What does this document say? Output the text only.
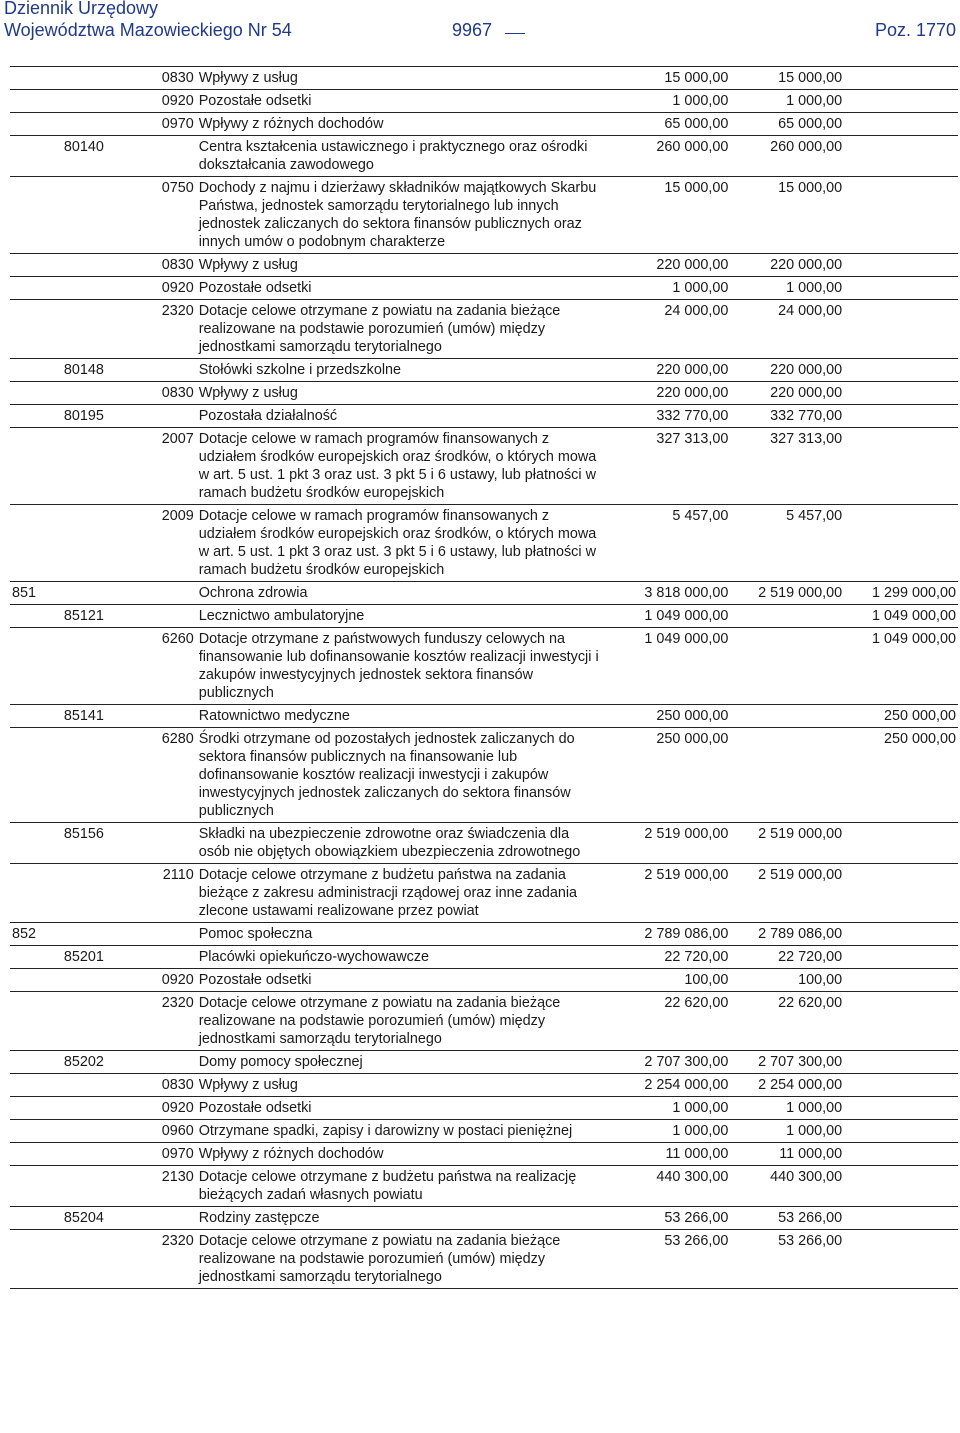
Dziennik Urzędowy
Województwa Mazowieckiego Nr 54	9967	Poz. 1770
		0830	Wpływy z usług	15 000,00	15 000,00	
		0920	Pozostałe odsetki	1 000,00	1 000,00	
		0970	Wpływy z różnych dochodów	65 000,00	65 000,00	
	80140		Centra kształcenia ustawicznego i praktycznego oraz ośrodki dokształcania zawodowego	260 000,00	260 000,00	
		0750	Dochody z najmu i dzierżawy składników majątkowych Skarbu Państwa, jednostek samorządu terytorialnego lub innych jednostek zaliczanych do sektora finansów publicznych oraz innych umów o podobnym charakterze	15 000,00	15 000,00	
		0830	Wpływy z usług	220 000,00	220 000,00	
		0920	Pozostałe odsetki	1 000,00	1 000,00	
		2320	Dotacje celowe otrzymane z powiatu na zadania bieżące realizowane na podstawie porozumień (umów) między jednostkami samorządu terytorialnego	24 000,00	24 000,00	
	80148		Stołówki szkolne i przedszkolne	220 000,00	220 000,00	
		0830	Wpływy z usług	220 000,00	220 000,00	
	80195		Pozostała działalność	332 770,00	332 770,00	
		2007	Dotacje celowe w ramach programów finansowanych z udziałem środków europejskich oraz środków, o których mowa w art. 5 ust. 1 pkt 3 oraz ust. 3 pkt 5 i 6 ustawy, lub płatności w ramach budżetu środków europejskich	327 313,00	327 313,00	
		2009	Dotacje celowe w ramach programów finansowanych z udziałem środków europejskich oraz środków, o których mowa w art. 5 ust. 1 pkt 3 oraz ust. 3 pkt 5 i 6 ustawy, lub płatności w ramach budżetu środków europejskich	5 457,00	5 457,00	
851			Ochrona zdrowia	3 818 000,00	2 519 000,00	1 299 000,00
	85121		Lecznictwo ambulatoryjne	1 049 000,00		1 049 000,00
		6260	Dotacje otrzymane z państwowych funduszy celowych na finansowanie lub dofinansowanie kosztów realizacji inwestycji i zakupów inwestycyjnych jednostek sektora finansów publicznych	1 049 000,00		1 049 000,00
	85141		Ratownictwo medyczne	250 000,00		250 000,00
		6280	Środki otrzymane od pozostałych jednostek zaliczanych do sektora finansów publicznych na finansowanie lub dofinansowanie kosztów realizacji inwestycji i zakupów inwestycyjnych jednostek zaliczanych do sektora finansów publicznych	250 000,00		250 000,00
	85156		Składki na ubezpieczenie zdrowotne oraz świadczenia dla osób nie objętych obowiązkiem ubezpieczenia zdrowotnego	2 519 000,00	2 519 000,00	
		2110	Dotacje celowe otrzymane z budżetu państwa na zadania bieżące z zakresu administracji rządowej oraz inne zadania zlecone ustawami realizowane przez powiat	2 519 000,00	2 519 000,00	
852			Pomoc społeczna	2 789 086,00	2 789 086,00	
	85201		Placówki opiekuńczo-wychowawcze	22 720,00	22 720,00	
		0920	Pozostałe odsetki	100,00	100,00	
		2320	Dotacje celowe otrzymane z powiatu na zadania bieżące realizowane na podstawie porozumień (umów) między jednostkami samorządu terytorialnego	22 620,00	22 620,00	
	85202		Domy pomocy społecznej	2 707 300,00	2 707 300,00	
		0830	Wpływy z usług	2 254 000,00	2 254 000,00	
		0920	Pozostałe odsetki	1 000,00	1 000,00	
		0960	Otrzymane spadki, zapisy i darowizny w postaci pieniężnej	1 000,00	1 000,00	
		0970	Wpływy z różnych dochodów	11 000,00	11 000,00	
		2130	Dotacje celowe otrzymane z budżetu państwa na realizację bieżących zadań własnych powiatu	440 300,00	440 300,00	
	85204		Rodziny zastępcze	53 266,00	53 266,00	
		2320	Dotacje celowe otrzymane z powiatu na zadania bieżące realizowane na podstawie porozumień (umów) między jednostkami samorządu terytorialnego	53 266,00	53 266,00	
